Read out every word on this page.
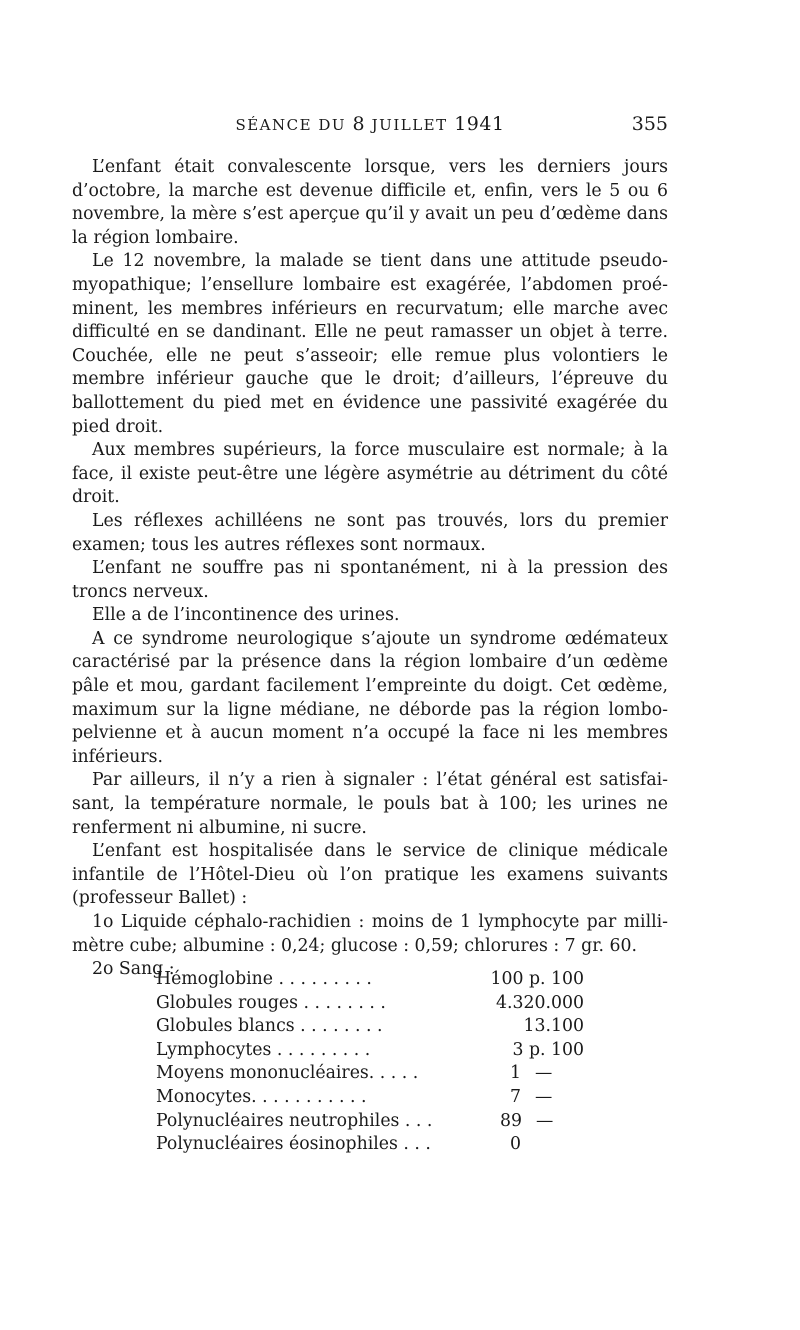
SÉANCE DU 8 JUILLET 1941	355

L’enfant était convalescente lorsque, vers les derniers jours d’octobre, la marche est devenue difficile et, enfin, vers le 5 ou 6 novembre, la mère s’est aperçue qu’il y avait un peu d’œdème dans la région lombaire.

Le 12 novembre, la malade se tient dans une attitude pseudo-myopathique; l’ensellure lombaire est exagérée, l’abdomen proé-minent, les membres inférieurs en recurvatum; elle marche avec difficulté en se dandinant. Elle ne peut ramasser un objet à terre. Couchée, elle ne peut s’asseoir; elle remue plus volontiers le membre inférieur gauche que le droit; d’ailleurs, l’épreuve du ballottement du pied met en évidence une passivité exagérée du pied droit.

Aux membres supérieurs, la force musculaire est normale; à la face, il existe peut-être une légère asymétrie au détriment du côté droit.

Les réflexes achilléens ne sont pas trouvés, lors du premier examen; tous les autres réflexes sont normaux.

L’enfant ne souffre pas ni spontanément, ni à la pression des troncs nerveux.

Elle a de l’incontinence des urines.

A ce syndrome neurologique s’ajoute un syndrome œdémateux caractérisé par la présence dans la région lombaire d’un œdème pâle et mou, gardant facilement l’empreinte du doigt. Cet œdème, maximum sur la ligne médiane, ne déborde pas la région lombo-pelvienne et à aucun moment n’a occupé la face ni les membres inférieurs.

Par ailleurs, il n’y a rien à signaler : l’état général est satisfai-sant, la température normale, le pouls bat à 100; les urines ne renferment ni albumine, ni sucre.

L’enfant est hospitalisée dans le service de clinique médicale infantile de l’Hôtel-Dieu où l’on pratique les examens suivants (professeur Ballet) :

1o Liquide céphalo-rachidien : moins de 1 lymphocyte par milli-mètre cube; albumine : 0,24; glucose : 0,59; chlorures : 7 gr. 60.

2o Sang :

Hémoglobine . . . . . . . . .	100 p. 100
Globules rouges . . . . . . . .	4.320.000
Globules blancs . . . . . . . .	13.100
Lymphocytes . . . . . . . . .	3 p. 100
Moyens mononucléaires. . . . .	1 —
Monocytes. . . . . . . . . . .	7 —
Polynucléaires neutrophiles . . .	89 —
Polynucléaires éosinophiles . . .	0
